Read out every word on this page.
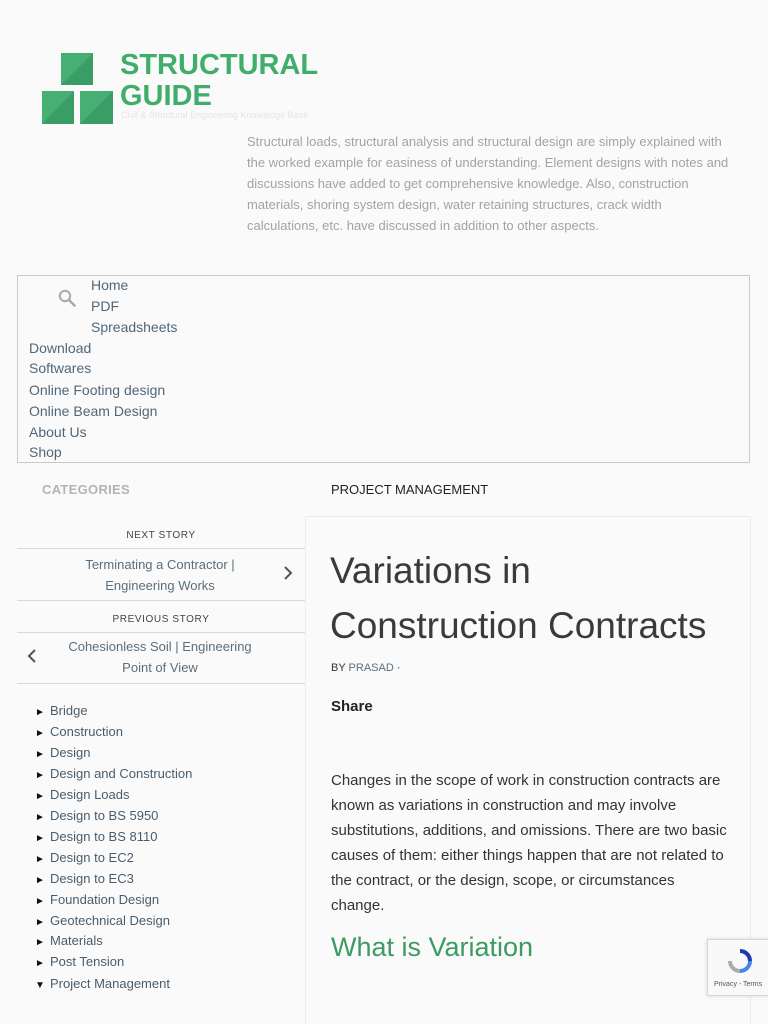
STRUCTURAL
GUIDE
Civil & Structural Engineering Knowledge Base
Structural loads, structural analysis and structural design are simply explained with the worked example for easiness of understanding. Element designs with notes and discussions have added to get comprehensive knowledge. Also, construction materials, shoring system design, water retaining structures, crack width calculations, etc. have discussed in addition to other aspects.
Home
PDF
Spreadsheets
Download
Softwares
Online Footing design
Online Beam Design
About Us
Shop
CATEGORIES
NEXT STORY
Terminating a Contractor | Engineering Works
PREVIOUS STORY
Cohesionless Soil | Engineering Point of View
► Bridge
► Construction
► Design
► Design and Construction
► Design Loads
► Design to BS 5950
► Design to BS 8110
► Design to EC2
► Design to EC3
► Foundation Design
► Geotechnical Design
► Materials
► Post Tension
▼ Project Management
PROJECT MANAGEMENT
Variations in Construction Contracts
BY PRASAD ·
Share
Changes in the scope of work in construction contracts are known as variations in construction and may involve substitutions, additions, and omissions. There are two basic causes of them: either things happen that are not related to the contract, or the design, scope, or circumstances change.
What is Variation
Privacy - Terms
